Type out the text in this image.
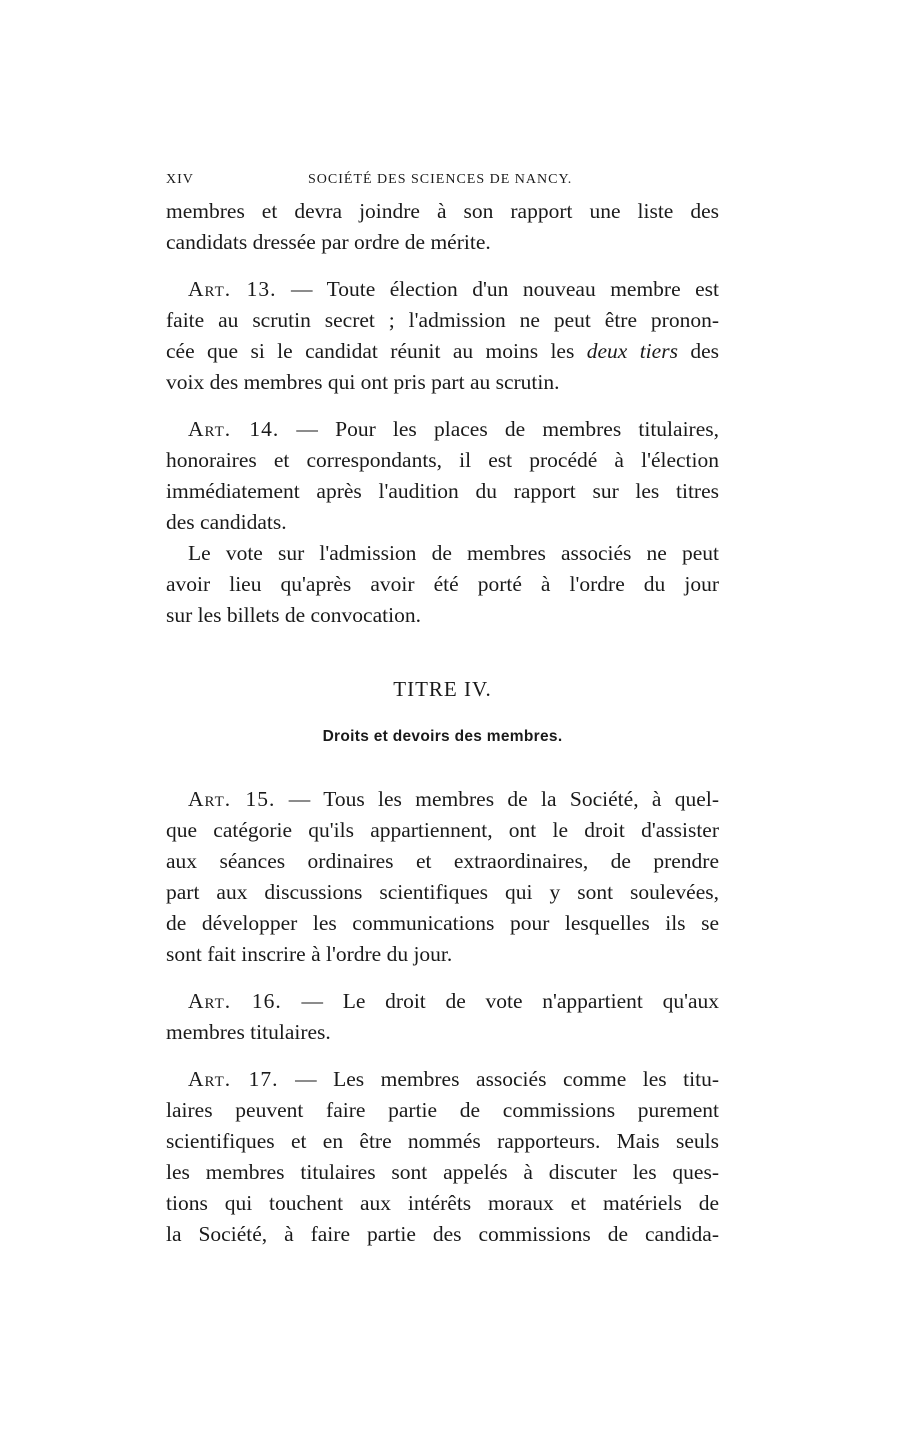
XIV	SOCIÉTÉ DES SCIENCES DE NANCY.

membres et devra joindre à son rapport une liste des
candidats dressée par ordre de mérite.

Art. 13. — Toute élection d'un nouveau membre est
faite au scrutin secret ; l'admission ne peut être pronon-
cée que si le candidat réunit au moins les deux tiers des
voix des membres qui ont pris part au scrutin.

Art. 14. — Pour les places de membres titulaires,
honoraires et correspondants, il est procédé à l'élection
immédiatement après l'audition du rapport sur les titres
des candidats.

Le vote sur l'admission de membres associés ne peut
avoir lieu qu'après avoir été porté à l'ordre du jour
sur les billets de convocation.

TITRE IV.
Droits et devoirs des membres.

Art. 15. — Tous les membres de la Société, à quel-
que catégorie qu'ils appartiennent, ont le droit d'assister
aux séances ordinaires et extraordinaires, de prendre
part aux discussions scientifiques qui y sont soulevées,
de développer les communications pour lesquelles ils se
sont fait inscrire à l'ordre du jour.

Art. 16. — Le droit de vote n'appartient qu'aux
membres titulaires.

Art. 17. — Les membres associés comme les titu-
laires peuvent faire partie de commissions purement
scientifiques et en être nommés rapporteurs. Mais seuls
les membres titulaires sont appelés à discuter les ques-
tions qui touchent aux intérêts moraux et matériels de
la Société, à faire partie des commissions de candida-
